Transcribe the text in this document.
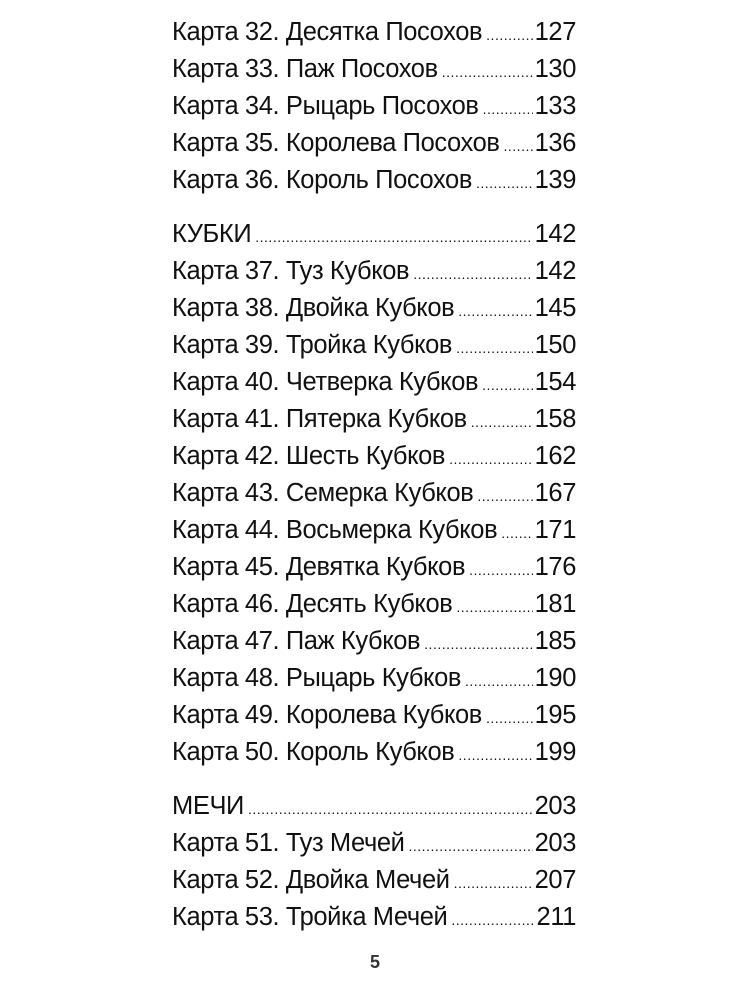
Карта 32. Десятка Посохов ..... 127
Карта 33. Паж Посохов .....	130
Карта 34. Рыцарь Посохов ..... 133
Карта 35. Королева Посохов ..... 136
Карта 36. Король Посохов ..... 139
КУБКИ .....	142
Карта 37. Туз Кубков .....	142
Карта 38. Двойка Кубков .....	145
Карта 39. Тройка Кубков .....	150
Карта 40. Четверка Кубков ..... 154
Карта 41. Пятерка Кубков .....	158
Карта 42. Шесть Кубков .....	162
Карта 43. Семерка Кубков ..... 167
Карта 44. Восьмерка Кубков ..... 171
Карта 45. Девятка Кубков .....	176
Карта 46. Десять Кубков .....	181
Карта 47. Паж Кубков .....	185
Карта 48. Рыцарь Кубков .....	190
Карта 49. Королева Кубков ..... 195
Карта 50. Король Кубков .....	199
МЕЧИ .....	203
Карта 51. Туз Мечей .....	203
Карта 52. Двойка Мечей .....	207
Карта 53. Тройка Мечей .....	211
5
